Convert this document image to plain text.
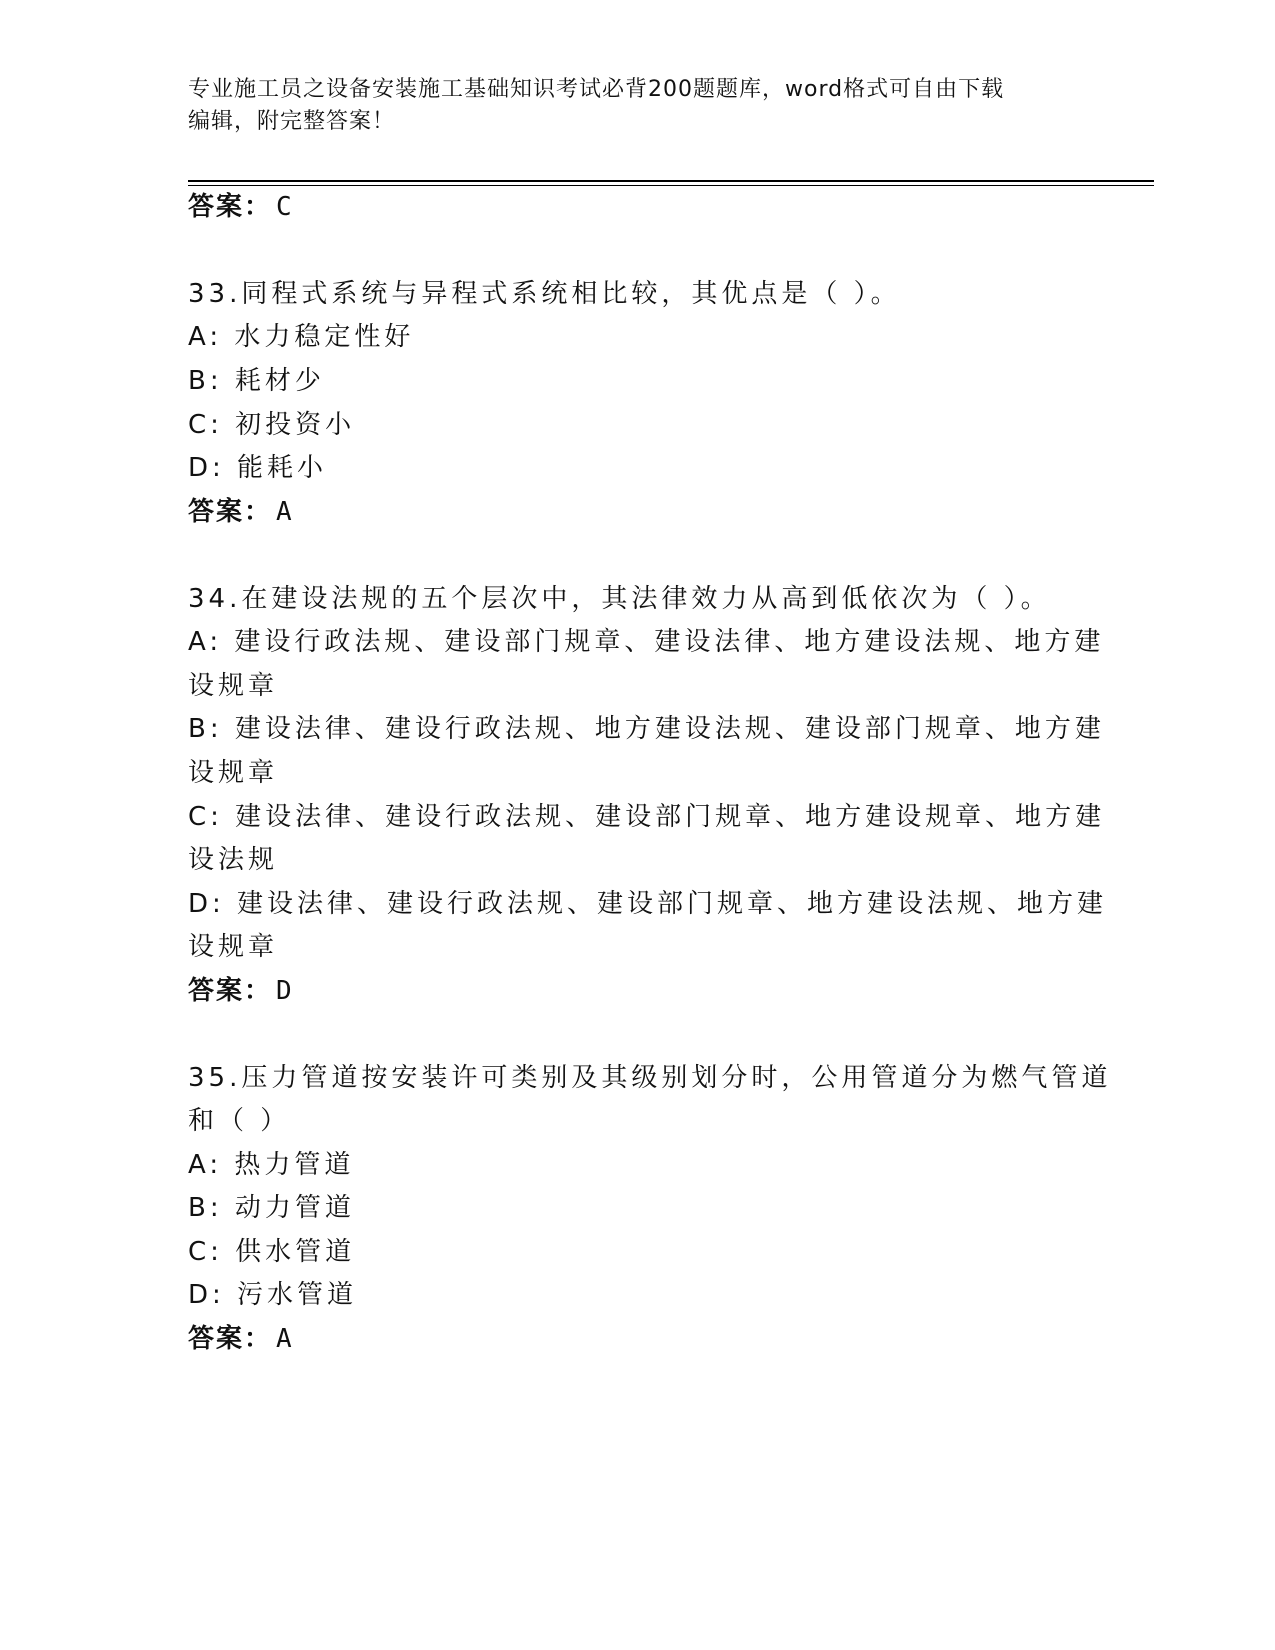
专业施工员之设备安装施工基础知识考试必背200题题库，word格式可自由下载
编辑，附完整答案！
答案： C
33.同程式系统与异程式系统相比较，其优点是（ ）。
A: 水力稳定性好
B: 耗材少
C: 初投资小
D: 能耗小
答案： A
34.在建设法规的五个层次中，其法律效力从高到低依次为（ ）。
A: 建设行政法规、建设部门规章、建设法律、地方建设法规、地方建
设规章
B: 建设法律、建设行政法规、地方建设法规、建设部门规章、地方建
设规章
C: 建设法律、建设行政法规、建设部门规章、地方建设规章、地方建
设法规
D: 建设法律、建设行政法规、建设部门规章、地方建设法规、地方建
设规章
答案： D
35.压力管道按安装许可类别及其级别划分时，公用管道分为燃气管道
和（ ）
A: 热力管道
B: 动力管道
C: 供水管道
D: 污水管道
答案： A
